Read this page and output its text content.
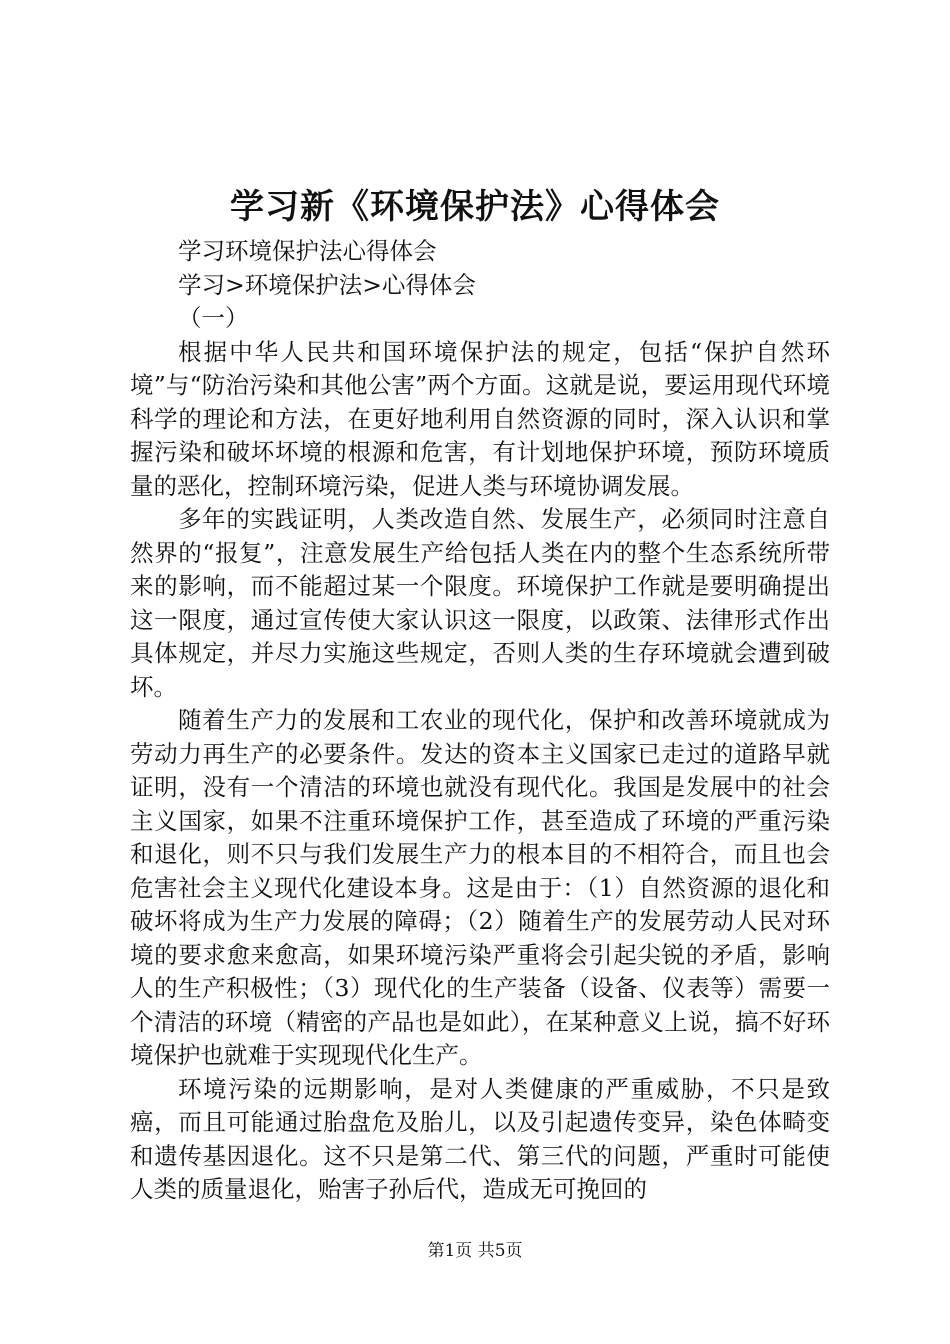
学习新《环境保护法》心得体会
学习环境保护法心得体会
学习>环境保护法>心得体会
（一）
根据中华人民共和国环境保护法的规定，包括“保护自然环境”与“防治污染和其他公害”两个方面。这就是说，要运用现代环境科学的理论和方法，在更好地利用自然资源的同时，深入认识和掌握污染和破坏坏境的根源和危害，有计划地保护环境，预防环境质量的恶化，控制环境污染，促进人类与环境协调发展。
多年的实践证明，人类改造自然、发展生产，必须同时注意自然界的“报复”，注意发展生产给包括人类在内的整个生态系统所带来的影响，而不能超过某一个限度。环境保护工作就是要明确提出这一限度，通过宣传使大家认识这一限度，以政策、法律形式作出具体规定，并尽力实施这些规定，否则人类的生存环境就会遭到破坏。
随着生产力的发展和工农业的现代化，保护和改善环境就成为劳动力再生产的必要条件。发达的资本主义国家已走过的道路早就证明，没有一个清洁的环境也就没有现代化。我国是发展中的社会主义国家，如果不注重环境保护工作，甚至造成了环境的严重污染和退化，则不只与我们发展生产力的根本目的不相符合，而且也会危害社会主义现代化建设本身。这是由于：（1）自然资源的退化和破坏将成为生产力发展的障碍；（2）随着生产的发展劳动人民对环境的要求愈来愈高，如果环境污染严重将会引起尖锐的矛盾，影响人的生产积极性；（3）现代化的生产装备（设备、仪表等）需要一个清洁的环境（精密的产品也是如此），在某种意义上说，搞不好环境保护也就难于实现现代化生产。
环境污染的远期影响，是对人类健康的严重威胁，不只是致癌，而且可能通过胎盘危及胎儿，以及引起遗传变异，染色体畸变和遗传基因退化。这不只是第二代、第三代的问题，严重时可能使人类的质量退化，贻害子孙后代，造成无可挽回的
第1页 共5页
